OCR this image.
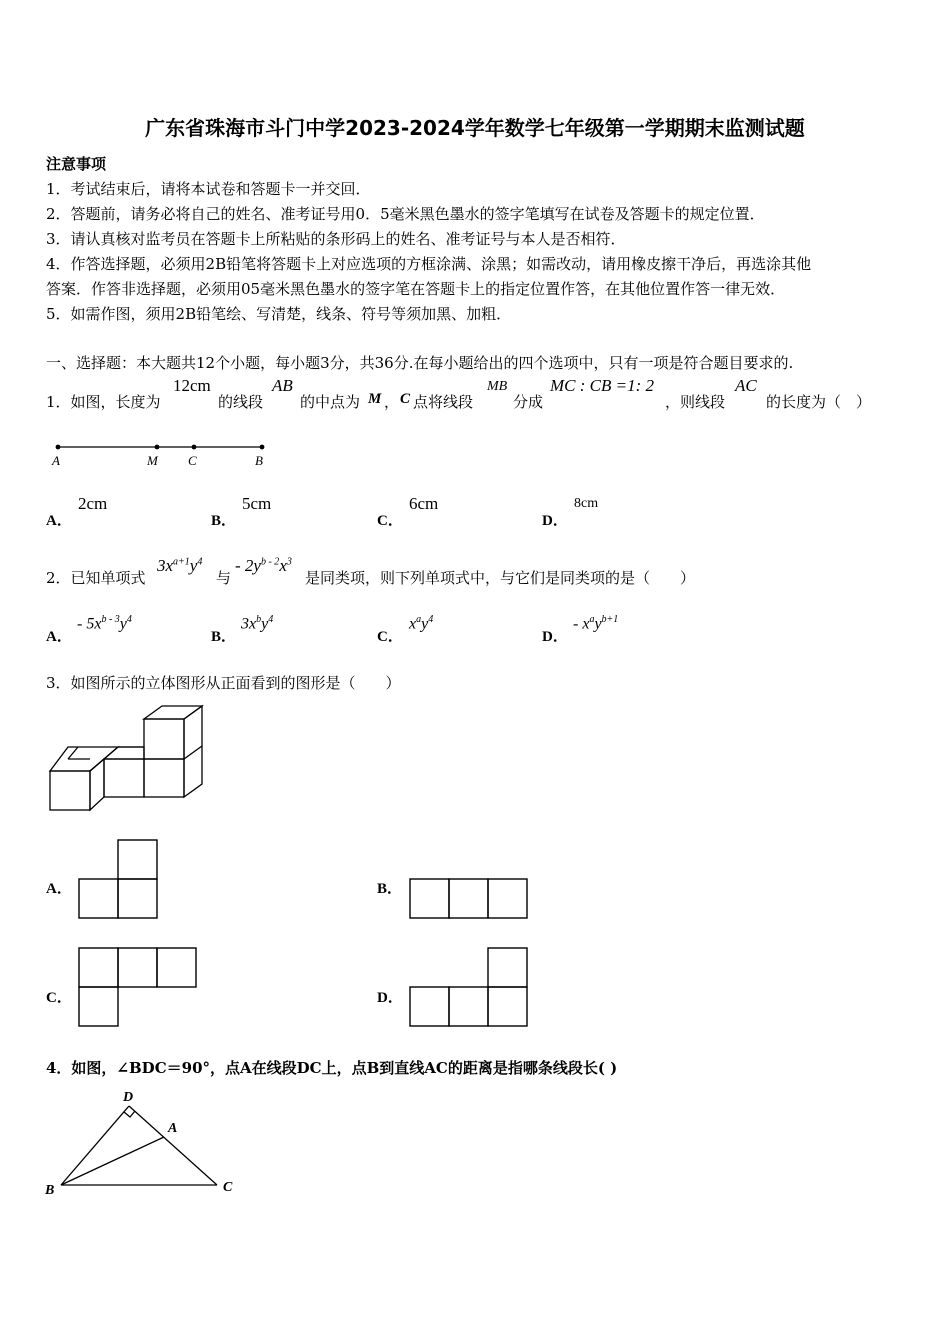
广东省珠海市斗门中学2023-2024学年数学七年级第一学期期末监测试题
注意事项
1．考试结束后，请将本试卷和答题卡一并交回．
2．答题前，请务必将自己的姓名、准考证号用0．5毫米黑色墨水的签字笔填写在试卷及答题卡的规定位置．
3．请认真核对监考员在答题卡上所粘贴的条形码上的姓名、准考证号与本人是否相符．
4．作答选择题，必须用2B铅笔将答题卡上对应选项的方框涂满、涂黑；如需改动，请用橡皮擦干净后，再选涂其他
答案．作答非选择题，必须用05毫米黑色墨水的签字笔在答题卡上的指定位置作答，在其他位置作答一律无效．
5．如需作图，须用2B铅笔绘、写清楚，线条、符号等须加黑、加粗．
一、选择题：本大题共12个小题，每小题3分，共36分.在每小题给出的四个选项中，只有一项是符合题目要求的.
1．如图，长度为
12cm
的线段
AB
的中点为 M ， C 点将线段
MB
分成
MC : CB =1: 2
，则线段
AC
的长度为（　）
A	M C	B
A．
2cm
B．
5cm
C．
6cm
D．
8cm
2．已知单项式
$3x^{a+1}y^4$
与
- $2y^{b - 2}x^3$
是同类项，则下列单项式中，与它们是同类项的是（　　）
A．
- $5x^{b - 3}y^4$
B．
$3x^by^4$
C．
$x^ay^4$
D．
- $x^ay^{b+1}$
3．如图所示的立体图形从正面看到的图形是（　　）
A．	B．
C．	D．
4．如图，∠BDC＝90°，点A在线段DC上，点B到直线AC的距离是指哪条线段长( )
D
A
B	C
